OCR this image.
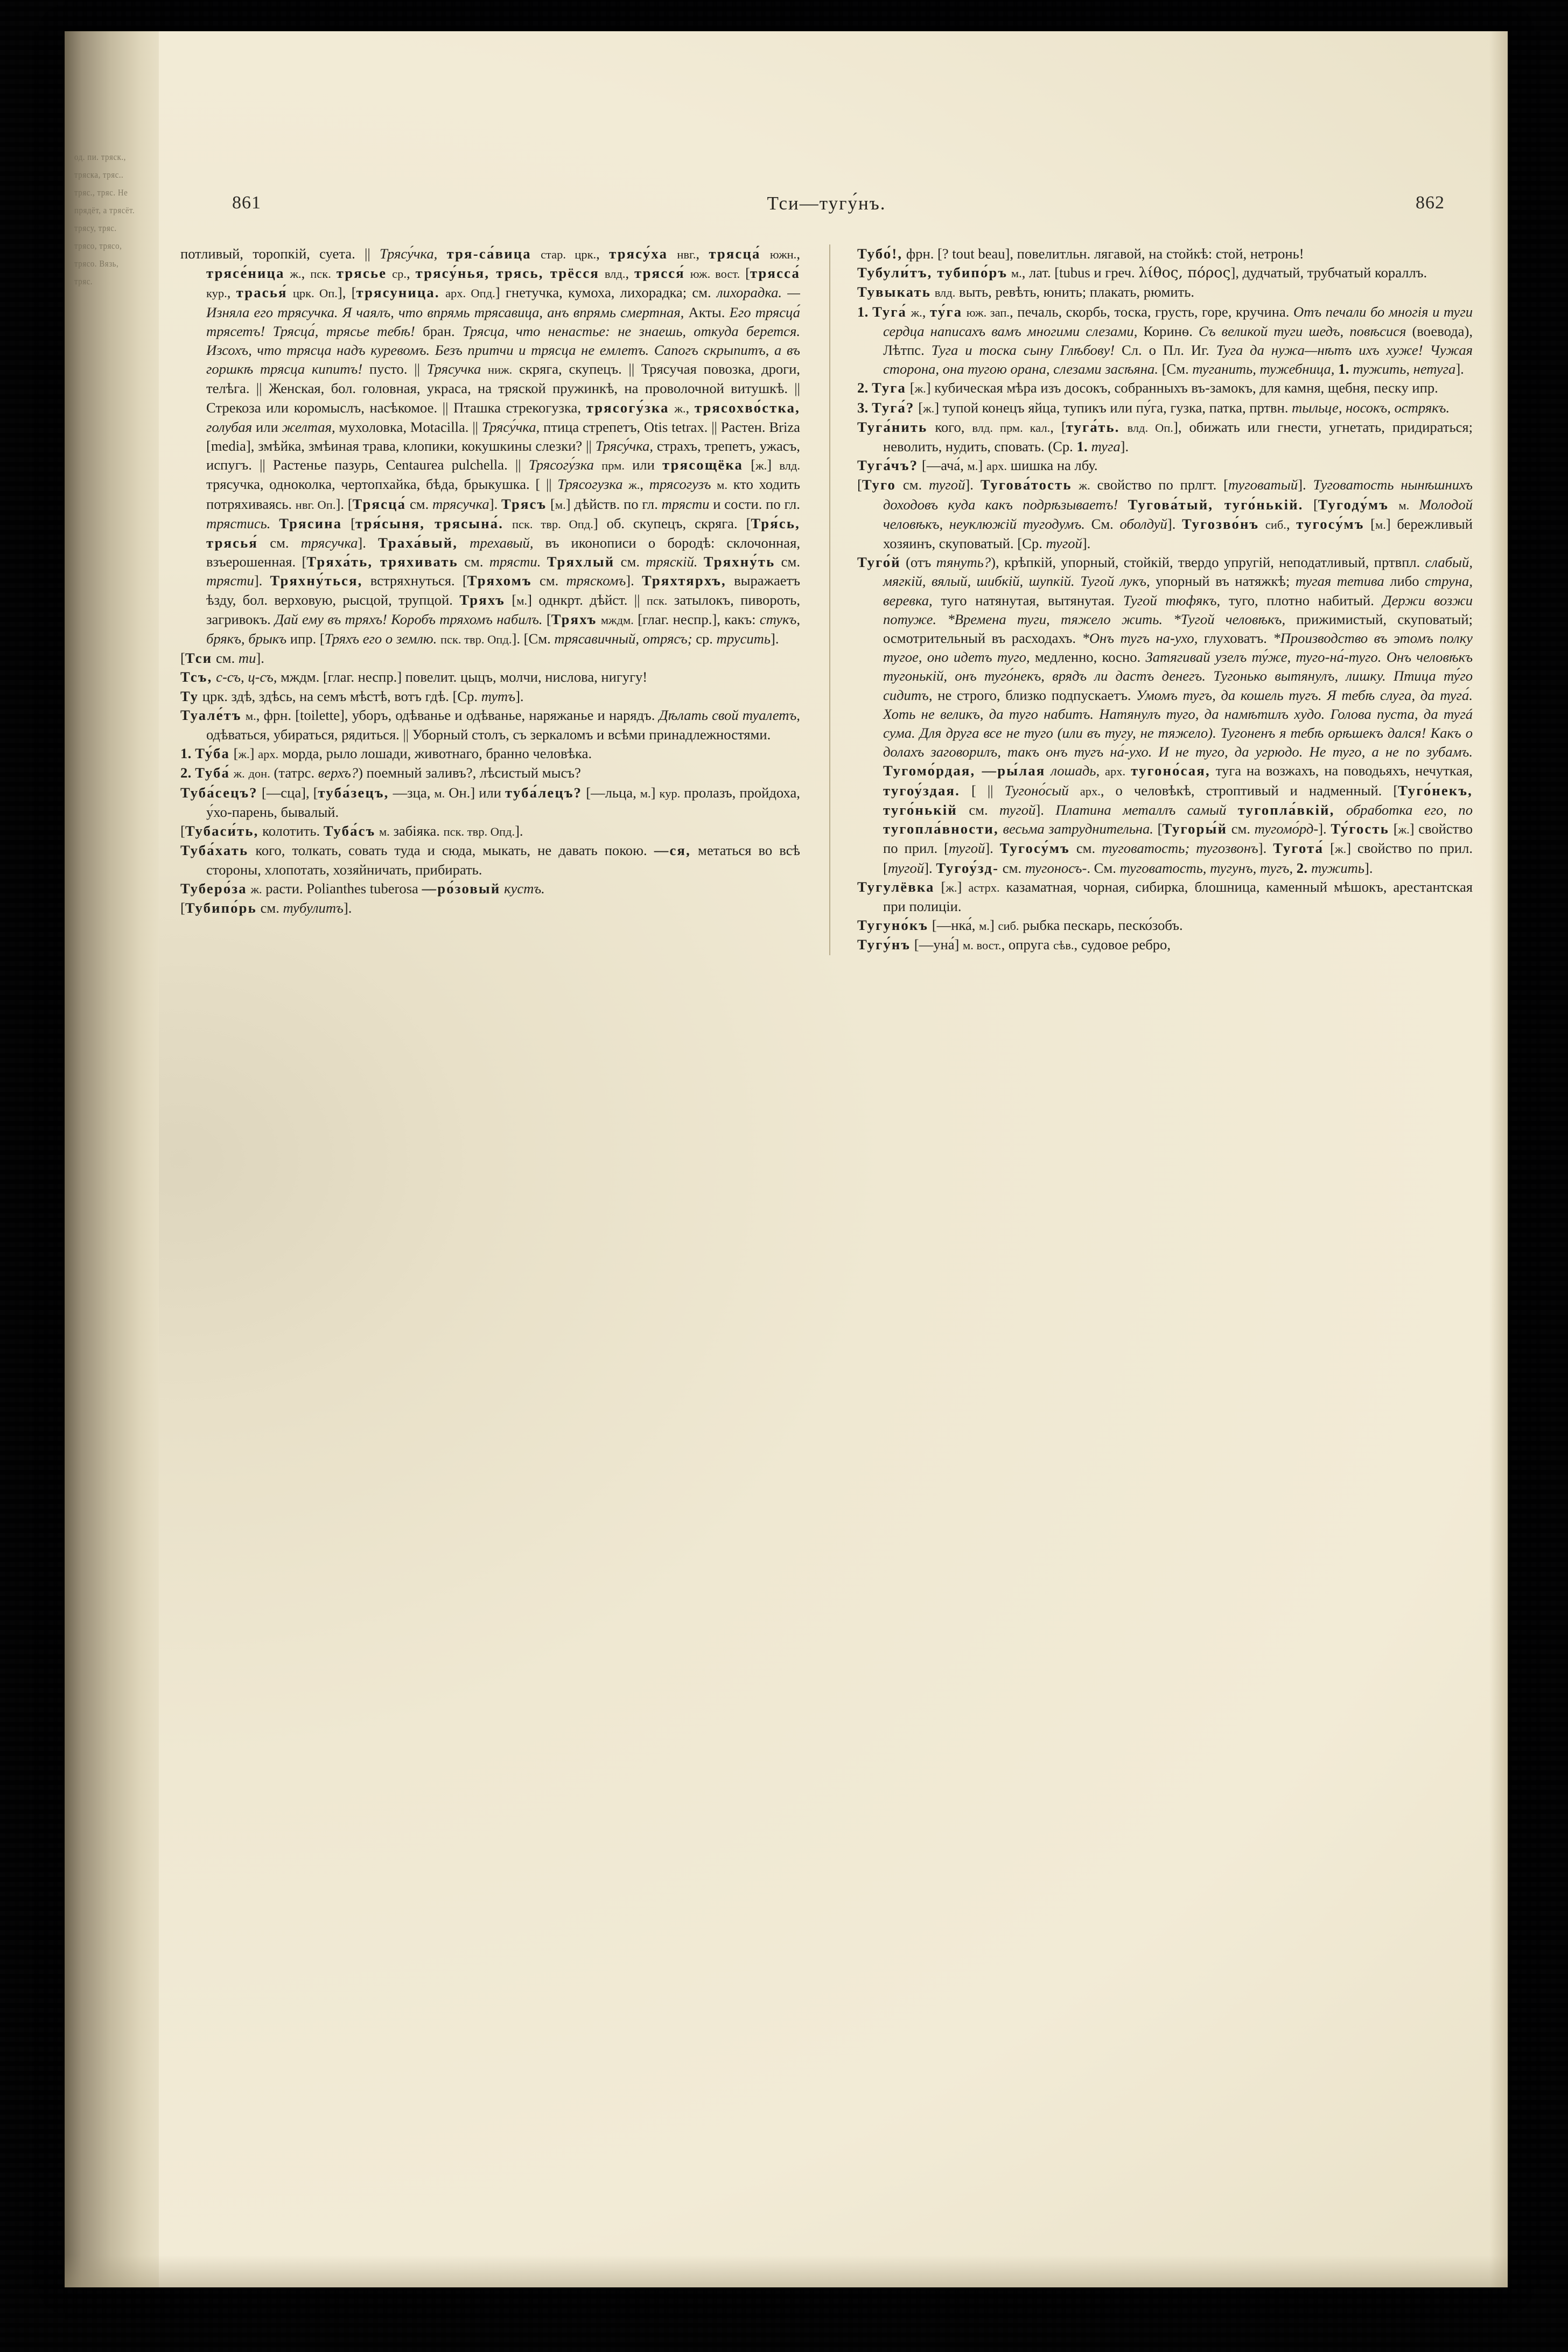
од. пи. тряск., тряска, тряс.. тряс., тряс. Не прядёт, а трясёт. трясу, тряс. трясо, трясо, трясо. Вязь, тряс.
861	Тси—тугу́нъ.	862

потливый, торопкій, суета. || Трясу́чка, тря-са́вица стар. црк., трясу́ха нвг., трясца́ южн., трясе́ница ж., пск. трясье ср., трясу́нья, трясь, трёсся влд., трясся́ юж. вост. [трясса́ кур., трасья́ црк. Оп.], [трясуница. арх. Опд.] гнетучка, кумоха, лихорадка; см. лихорадка. — Изняла его трясучка. Я чаялъ, что впрямь трясавица, анъ впрямь смертная, Акты. Его трясца́ трясетъ! Трясца́, трясье тебѣ! бран. Тряcца, что ненастье: не знаешь, откуда берется. Изсохъ, что трясца надъ куревомъ. Безъ притчи и трясца не емлетъ. Сапогъ скрыпитъ, а въ горшкѣ трясца кипитъ! пусто. || Трясучка ниж. скряга, скупецъ. || Трясучая повозка, дроги, телѣга. || Женская, бол. головная, украса, на тряской пружинкѣ, на проволочной витушкѣ. || Стрекоза или коромыслъ, насѣкомое. || Пташка стрекогузка, трясогу́зка ж., трясохво́стка, голубая или желтая, мухоловка, Motacilla. || Трясу́чка, птица стрепетъ, Otis tetrax. || Растен. Briza [media], змѣйка, змѣиная трава, клопики, кокушкины слезки? || Трясу́чка, страхъ, трепетъ, ужасъ, испугъ. || Растенье пазурь, Centaurea pulchella. || Трясогу́зка прм. или трясощёка [ж.] влд. трясучка, одноколка, чертопхайка, бѣда, брыкушка. [ || Трясогузка ж., трясогузъ м. кто ходить потряхиваясь. нвг. Оп.]. [Трясца́ см. трясучка]. Трясъ [м.] дѣйств. по гл. трясти и сости. по гл. трястись. Трясина [тря́сыня, трясына́. пск. твр. Опд.] об. скупецъ, скряга. [Тря́сь, трясья́ см. трясучка]. Траха́вый, трехавый, въ иконописи о бородѣ: склочонная, взъерошенная. [Тряха́ть, тряхивать см. трясти. Тряхлый см. тряскій. Тряхну́ть см. трясти]. Тряхну́ться, встряхнуться. [Тряхомъ см. тряскомъ]. Тряхтярхъ, выражаетъ ѣзду, бол. верховую, рысцой, трупцой. Тряхъ [м.] однкрт. дѣйст. || пск. затылокъ, пивороть, загривокъ. Дай ему въ тряхъ! Коробъ тряхомъ набилъ. [Тряхъ мждм. [глаг. неспр.], какъ: стукъ, брякъ, брыкъ ипр. [Тряхъ его о землю. пск. твр. Опд.]. [См. трясавичный, отрясъ; ср. трусить].

[Тси см. ти].

Тсъ, с-съ, ц-съ, мждм. [глаг. неспр.] повелит. цыцъ, молчи, нислова, нигугу!

Ту црк. здѣ, здѣсь, на семъ мѣстѣ, вотъ гдѣ. [Ср. тутъ].

Туале́тъ м., фрн. [toilette], уборъ, одѣванье и одѣванье, наряжанье и нарядъ. Дѣлать свой туалетъ, одѣваться, убираться, рядиться. || Уборный столъ, съ зеркаломъ и всѣми принадлежностями.

1. Ту́ба [ж.] арх. морда, рыло лошади, животнаго, бранно человѣка.

2. Туба́ ж. дон. (татрс. верхъ?) поемный заливъ?, лѣсистый мысъ?

Туба́сецъ? [—сца], [туба́зецъ, —зца, м. Он.] или туба́лецъ? [—льца, м.] кур. пролазъ, пройдоха, у́хо-парень, бывалый.

[Тубаси́ть, колотить. Туба́съ м. забіяка. пск. твр. Опд.].

Туба́хать кого, толкать, совать туда и сюда, мыкать, не давать покою. —ся, метаться во всѣ стороны, хлопотать, хозяйничать, прибирать.

Тубеpо́за ж. расти. Polianthes tuberosa —ро́зовый кустъ.

[Тубипо́рь см. тубулитъ].

Тубо́!, фрн. [? tout beau], повелитльн. лягавой, на стойкѣ: стой, нетронь!

Тубули́тъ, тубипо́ръ м., лат. [tubus и греч. λίθος, πόρος], дудчатый, трубчатый кораллъ.

Тувыкать влд. выть, ревѣть, юнить; плакать, рюмить.

1. Туга́ ж., ту́га юж. зап., печаль, скорбь, тоска, грусть, горе, кручина. Отъ печали бо многія и туги сердца написахъ вамъ многими слезами, Коринѳ. Съ великой туги шедъ, повѣсися (воевода), Лѣтпс. Туга и тоска сыну Глѣбову! Сл. о Пл. Иг. Туга да нужа—нѣтъ ихъ хуже! Чужая сторона, она тугою орана, слезами засѣяна. [См. туганить, тужебница, 1. тужить, нетуга].

2. Туга [ж.] кубическая мѣра изъ досокъ, собранныхъ въ-замокъ, для камня, щебня, песку ипр.

3. Туга́? [ж.] тупой конецъ яйца, тупикъ или пу́га, гузка, патка, пртвн. тыльце, носокъ, острякъ.

Туга́нить кого, влд. прм. кал., [туга́ть. влд. Оп.], обижать или гнести, угнетать, придираться; неволить, нудить, сповать. (Ср. 1. туга].

Туга́чъ? [—ача́, м.] арх. шишка на лбу.

[Туго см. тугой]. Тугова́тость ж. свойство по прлгт. [туговатый]. Туговатость нынѣшнихъ доходовъ куда какъ подрѣзываетъ! Тугова́тый, туго́нькій. [Тугоду́мъ м. Молодой человѣкъ, неуклюжій тугодумъ. См. оболдуй]. Тугозво́нъ сиб., тугосу́мъ [м.] бережливый хозяинъ, скуповатый. [Ср. тугой].

Туго́й (отъ тянуть?), крѣпкій, упорный, стойкій, твердо упругій, неподатливый, пртвпл. слабый, мягкій, вялый, шибкій, шупкій. Тугой лукъ, упорный въ натяжкѣ; тугая тетива либо струна, веревка, туго натянутая, вытянутая. Тугой тюфякъ, туго, плотно набитый. Держи возжи потуже. *Времена туги, тяжело жить. *Тугой человѣкъ, прижимистый, скуповатый; осмотрительный въ расходахъ. *Онъ тугъ на-ухо, глуховатъ. *Производство въ этомъ полку тугое, оно идетъ туго, медленно, косно. Затягивай узелъ ту́же, туго-на́-туго. Онъ человѣкъ тугонькій, онъ туго́некъ, врядъ ли дастъ денегъ. Тугонько вытянулъ, лишку. Птица ту́го сидитъ, не строго, близко подпускаетъ. Умомъ тугъ, да кошель тугъ. Я тебѣ слуга, да туга́. Хоть не великъ, да туго набитъ. Натянулъ туго, да намѣтилъ худо. Голова пуста, да тугá сума. Для друга все не туго (или въ тугу, не тяжело). Тугоненъ я тебѣ орѣшекъ дался! Какъ о долахъ заговорилъ, такъ онъ тугъ на́-ухо. И не туго, да угрюдо. Не туго, а не по зубамъ. Тугомо́рдая, —ры́лая лошадь, арх. тугоно́сая, туга на возжахъ, на поводьяхъ, нечуткая, тугоу́здая. [ || Тугоно́сый арх., о человѣкѣ, строптивый и надменный. [Туго́некъ, туго́нькій см. тугой]. Платина металлъ самый тугопла́вкій, обработка его, по тугопла́вности, весьма затруднительна. [Тугоры́й см. тугомо́рд-]. Ту́гость [ж.] свойство по прил. [тугой]. Тугосу́мъ см. туговатость; тугозвонъ]. Тугота́ [ж.] свойство по прил. [тугой]. Тугоу́зд- см. тугоносъ-. См. туговатость, тугунъ, тугъ, 2. тужить].

Тугулёвка [ж.] астрх. казаматная, чорная, сибирка, блошница, каменный мѣшокъ, арестантская при полиціи.

Тугуно́къ [—нка́, м.] сиб. рыбка пескарь, песко́зобъ.

Тугу́нъ [—уна́] м. вост., опруга сѣв., судовое ребро,
